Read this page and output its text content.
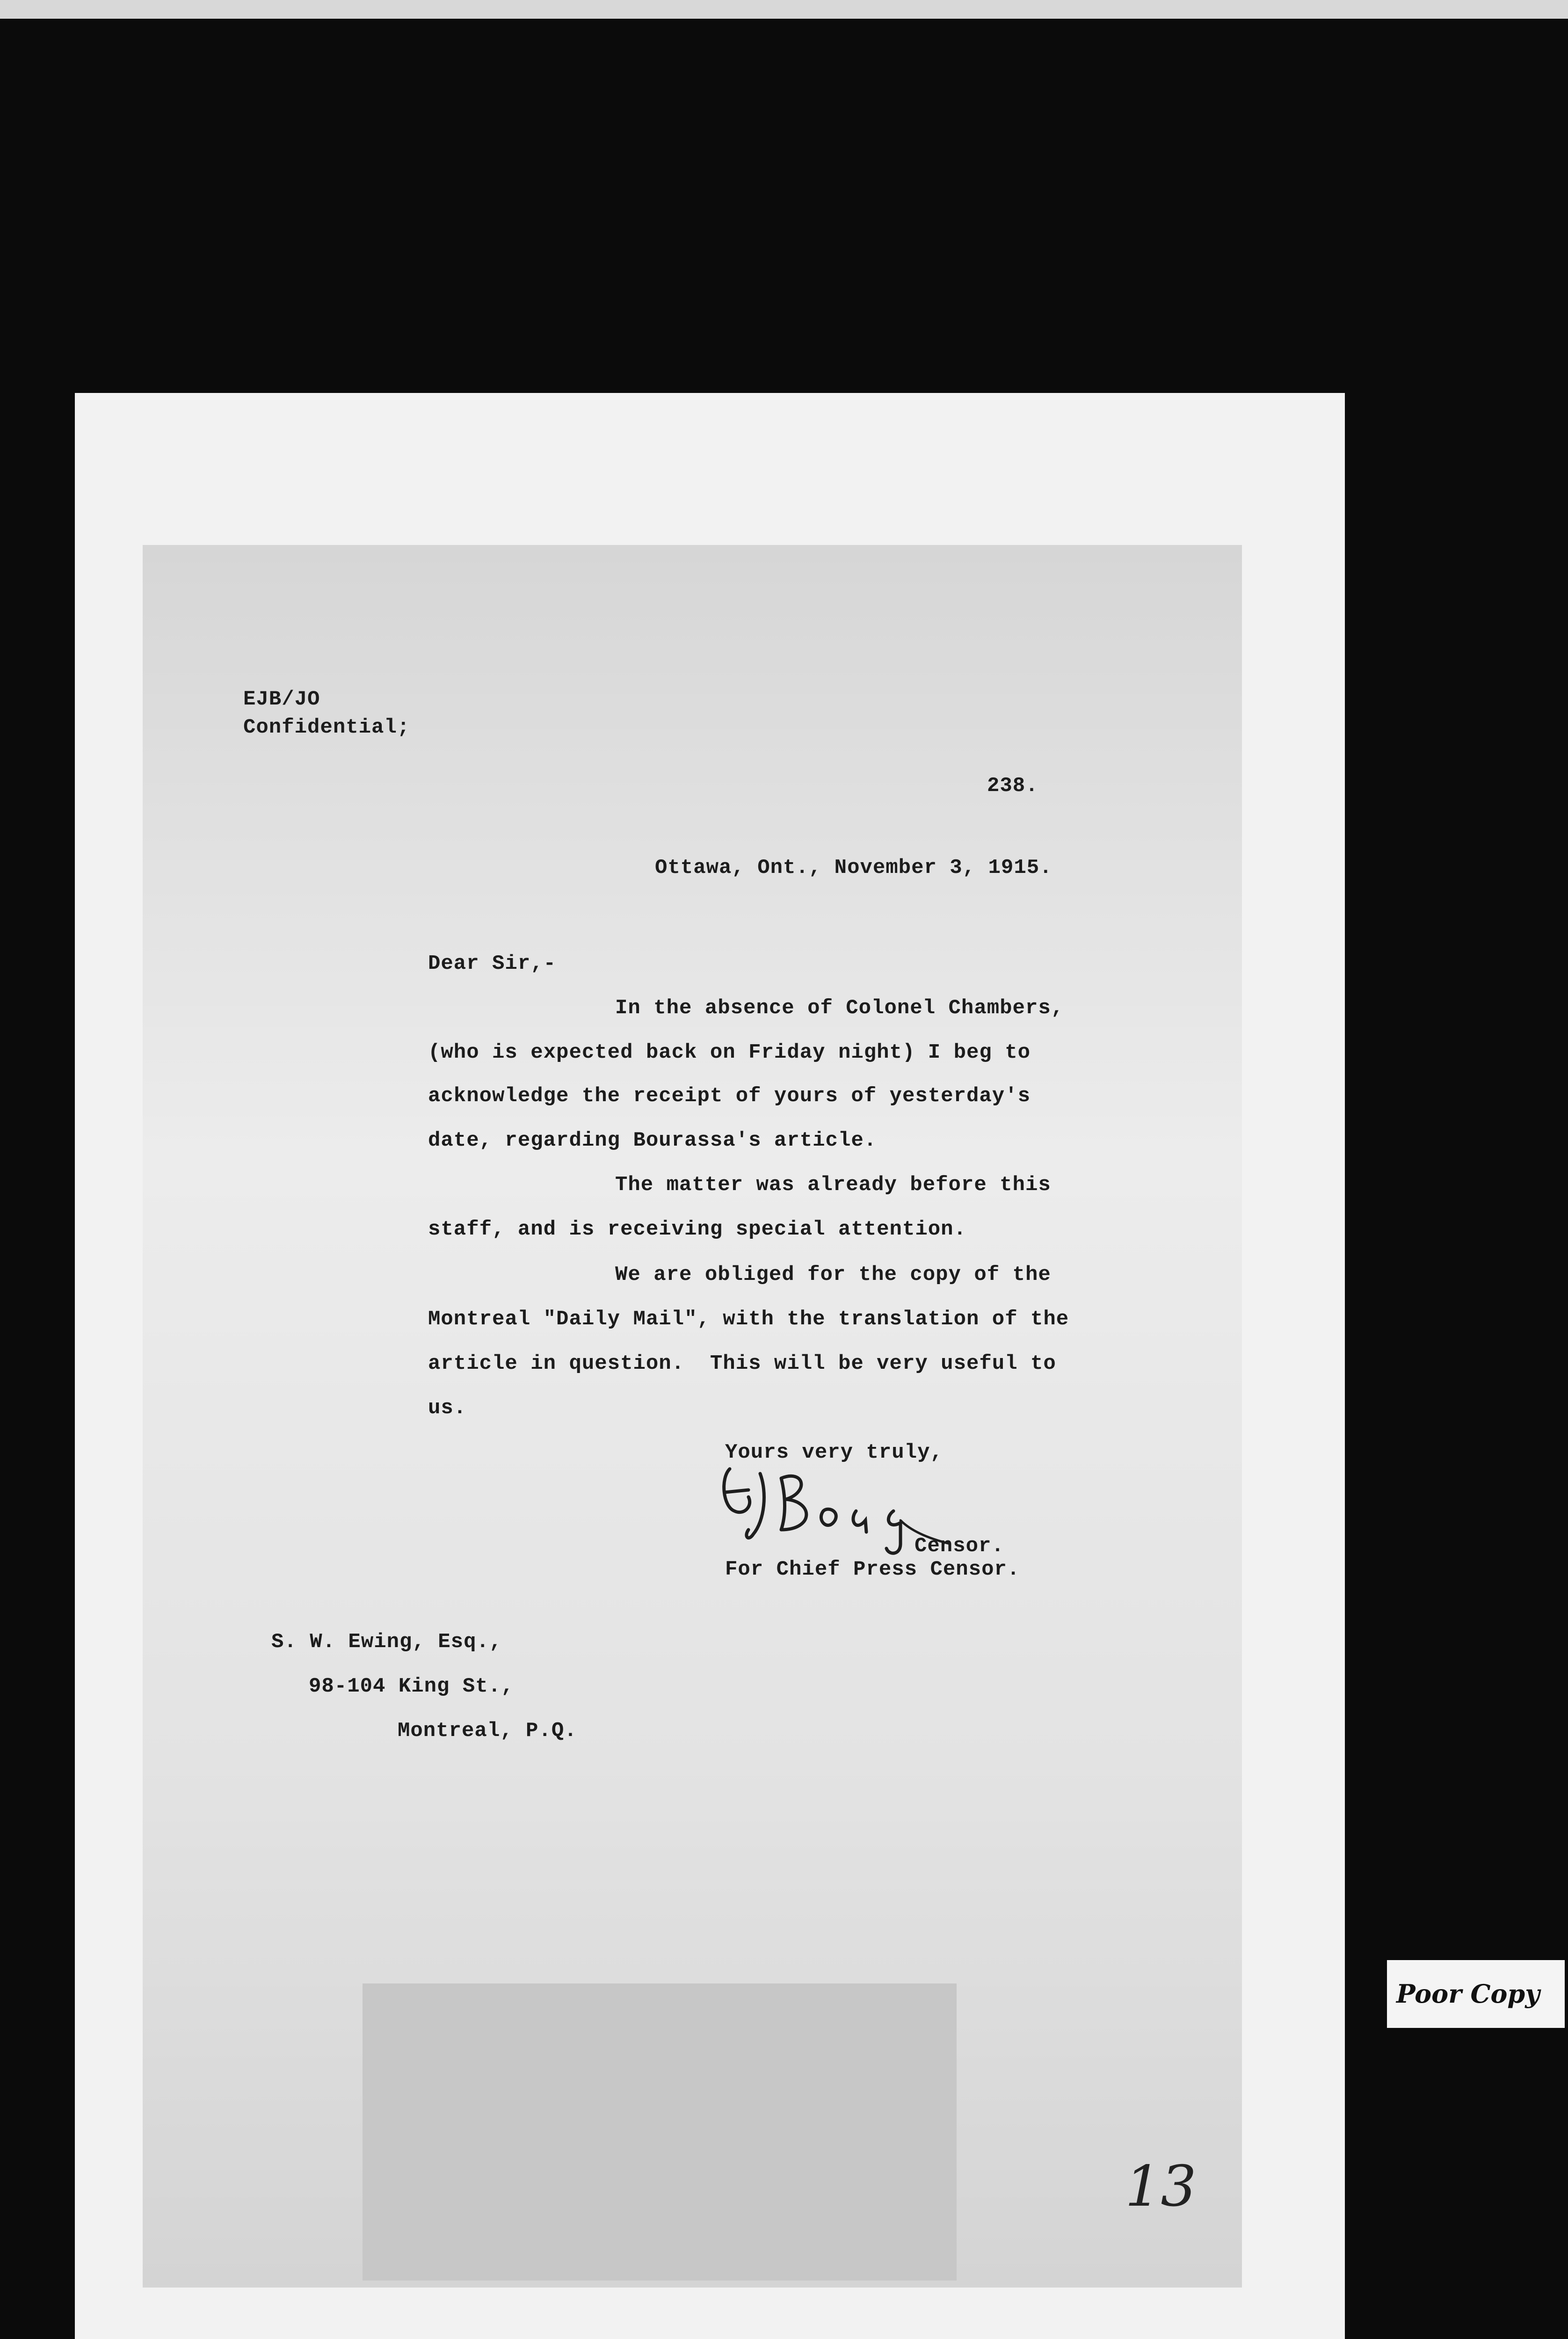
EJB/JO
Confidential;
238.
Ottawa, Ont., November 3, 1915.
Dear Sir,-
In the absence of Colonel Chambers,
(who is expected back on Friday night) I beg to
acknowledge the receipt of yours of yesterday's
date, regarding Bourassa's article.
The matter was already before this
staff, and is receiving special attention.
We are obliged for the copy of the
Montreal "Daily Mail", with the translation of the
article in question.  This will be very useful to
us.
Yours very truly,
Censor.
For Chief Press Censor.
S. W. Ewing, Esq.,
98-104 King St.,
Montreal, P.Q.
13
Poor Copy
